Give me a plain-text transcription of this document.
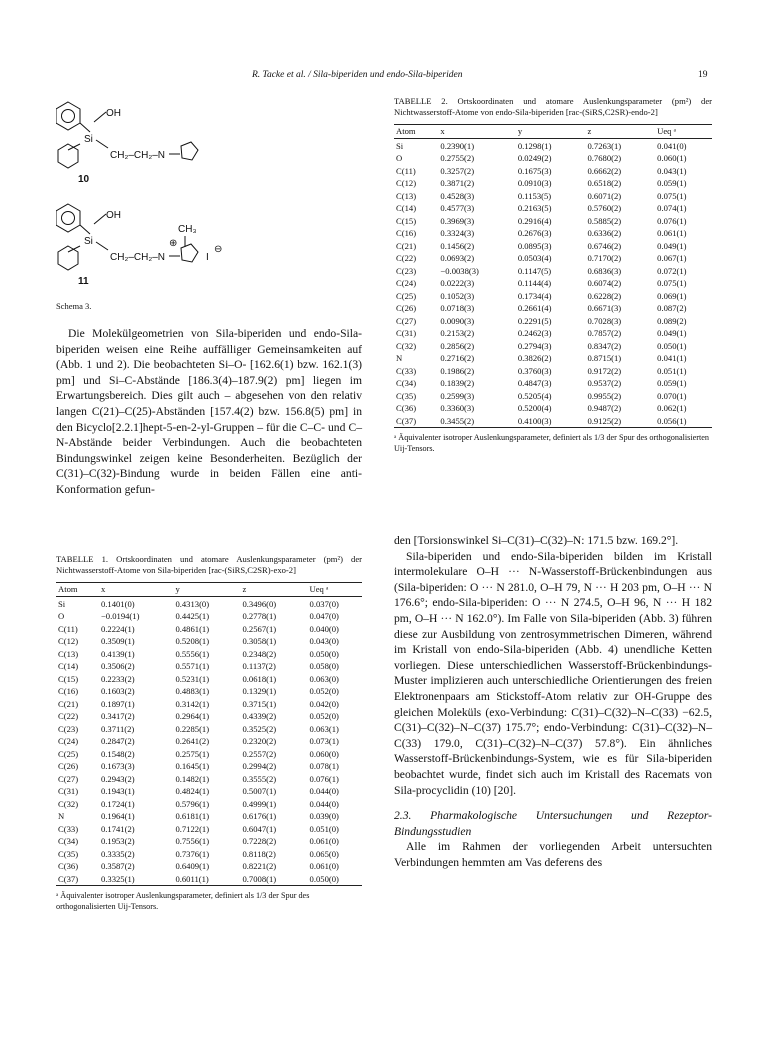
R. Tacke et al. / Sila-biperiden und endo-Sila-biperiden	19
OH
Si
CH₂–CH₂–N
10
OH
Si
CH₃
⊕
CH₂–CH₂–N	I
⊖
11
Schema 3.

Die Molekülgeometrien von Sila-biperiden und endo-Sila-biperiden weisen eine Reihe auffälliger Gemeinsamkeiten auf (Abb. 1 und 2). Die beobachteten Si–O- [162.6(1) bzw. 162.1(3) pm] und Si–C-Abstände [186.3(4)–187.9(2) pm] liegen im Erwartungsbereich. Dies gilt auch – abgesehen von den relativ langen C(21)–C(25)-Abständen [157.4(2) bzw. 156.8(5) pm] in den Bicyclo[2.2.1]hept-5-en-2-yl-Gruppen – für die C–C- und C–N-Abstände beider Verbindungen. Auch die beobachteten Bindungswinkel zeigen keine Besonderheiten. Bezüglich der C(31)–C(32)-Bindung wurde in beiden Fällen eine anti-Konformation gefun-

TABELLE 1. Ortskoordinaten und atomare Auslenkungsparameter (pm²) der Nichtwasserstoff-Atome von Sila-biperiden [rac-(SiRS,C2SR)-exo-2]
Atom	x	y	z	Ueq ᵃ
Si	0.1401(0)	0.4313(0)	0.3496(0)	0.037(0)
O	−0.0194(1)	0.4425(1)	0.2778(1)	0.047(0)
C(11)	0.2224(1)	0.4861(1)	0.2567(1)	0.040(0)
C(12)	0.3509(1)	0.5208(1)	0.3058(1)	0.043(0)
C(13)	0.4139(1)	0.5556(1)	0.2348(2)	0.050(0)
C(14)	0.3506(2)	0.5571(1)	0.1137(2)	0.058(0)
C(15)	0.2233(2)	0.5231(1)	0.0618(1)	0.063(0)
C(16)	0.1603(2)	0.4883(1)	0.1329(1)	0.052(0)
C(21)	0.1897(1)	0.3142(1)	0.3715(1)	0.042(0)
C(22)	0.3417(2)	0.2964(1)	0.4339(2)	0.052(0)
C(23)	0.3711(2)	0.2285(1)	0.3525(2)	0.063(1)
C(24)	0.2847(2)	0.2641(2)	0.2320(2)	0.073(1)
C(25)	0.1548(2)	0.2575(1)	0.2557(2)	0.060(0)
C(26)	0.1673(3)	0.1645(1)	0.2994(2)	0.078(1)
C(27)	0.2943(2)	0.1482(1)	0.3555(2)	0.076(1)
C(31)	0.1943(1)	0.4824(1)	0.5007(1)	0.044(0)
C(32)	0.1724(1)	0.5796(1)	0.4999(1)	0.044(0)
N	0.1964(1)	0.6181(1)	0.6176(1)	0.039(0)
C(33)	0.1741(2)	0.7122(1)	0.6047(1)	0.051(0)
C(34)	0.1953(2)	0.7556(1)	0.7228(2)	0.061(0)
C(35)	0.3335(2)	0.7376(1)	0.8118(2)	0.065(0)
C(36)	0.3587(2)	0.6409(1)	0.8221(2)	0.061(0)
C(37)	0.3325(1)	0.6011(1)	0.7008(1)	0.050(0)
ᵃ Äquivalenter isotroper Auslenkungsparameter, definiert als 1/3 der Spur des orthogonalisierten Uij-Tensors.
TABELLE 2. Ortskoordinaten und atomare Auslenkungsparameter (pm²) der Nichtwasserstoff-Atome von endo-Sila-biperiden [rac-(SiRS,C2SR)-endo-2]
Atom	x	y	z	Ueq ᵃ
Si	0.2390(1)	0.1298(1)	0.7263(1)	0.041(0)
O	0.2755(2)	0.0249(2)	0.7680(2)	0.060(1)
C(11)	0.3257(2)	0.1675(3)	0.6662(2)	0.043(1)
C(12)	0.3871(2)	0.0910(3)	0.6518(2)	0.059(1)
C(13)	0.4528(3)	0.1153(5)	0.6071(2)	0.075(1)
C(14)	0.4577(3)	0.2163(5)	0.5760(2)	0.074(1)
C(15)	0.3969(3)	0.2916(4)	0.5885(2)	0.076(1)
C(16)	0.3324(3)	0.2676(3)	0.6336(2)	0.061(1)
C(21)	0.1456(2)	0.0895(3)	0.6746(2)	0.049(1)
C(22)	0.0693(2)	0.0503(4)	0.7170(2)	0.067(1)
C(23)	−0.0038(3)	0.1147(5)	0.6836(3)	0.072(1)
C(24)	0.0222(3)	0.1144(4)	0.6074(2)	0.075(1)
C(25)	0.1052(3)	0.1734(4)	0.6228(2)	0.069(1)
C(26)	0.0718(3)	0.2661(4)	0.6671(3)	0.087(2)
C(27)	0.0090(3)	0.2291(5)	0.7028(3)	0.089(2)
C(31)	0.2153(2)	0.2462(3)	0.7857(2)	0.049(1)
C(32)	0.2856(2)	0.2794(3)	0.8347(2)	0.050(1)
N	0.2716(2)	0.3826(2)	0.8715(1)	0.041(1)
C(33)	0.1986(2)	0.3760(3)	0.9172(2)	0.051(1)
C(34)	0.1839(2)	0.4847(3)	0.9537(2)	0.059(1)
C(35)	0.2599(3)	0.5205(4)	0.9955(2)	0.070(1)
C(36)	0.3360(3)	0.5200(4)	0.9487(2)	0.062(1)
C(37)	0.3455(2)	0.4100(3)	0.9125(2)	0.056(1)
ᵃ Äquivalenter isotroper Auslenkungsparameter, definiert als 1/3 der Spur des orthogonalisierten Uij-Tensors.

den [Torsionswinkel Si–C(31)–C(32)–N: 171.5 bzw. 169.2°].

Sila-biperiden und endo-Sila-biperiden bilden im Kristall intermolekulare O–H ··· N-Wasserstoff-Brückenbindungen aus (Sila-biperiden: O ··· N 281.0, O–H 79, N ··· H 203 pm, O–H ··· N 176.6°; endo-Sila-biperiden: O ··· N 274.5, O–H 96, N ··· H 182 pm, O–H ··· N 162.0°). Im Falle von Sila-biperiden (Abb. 3) führen diese zur Ausbildung von zentrosymmetrischen Dimeren, während im Kristall von endo-Sila-biperiden (Abb. 4) unendliche Ketten vorliegen. Diese unterschiedlichen Wasserstoff-Brückenbindungs-Muster implizieren auch unterschiedliche Orientierungen des freien Elektronenpaars am Stickstoff-Atom relativ zur OH-Gruppe des gleichen Moleküls (exo-Verbindung: C(31)–C(32)–N–C(33) −62.5, C(31)–C(32)–N–C(37) 175.7°; endo-Verbindung: C(31)–C(32)–N–C(33) 179.0, C(31)–C(32)–N–C(37) 57.8°). Ein ähnliches Wasserstoff-Brückenbindungs-System, wie es für Sila-biperiden beobachtet wurde, findet sich auch im Kristall des Racemats von Sila-procyclidin (10) [20].

2.3. Pharmakologische Untersuchungen und Rezeptor-Bindungsstudien

Alle im Rahmen der vorliegenden Arbeit untersuchten Verbindungen hemmten am Vas deferens des
